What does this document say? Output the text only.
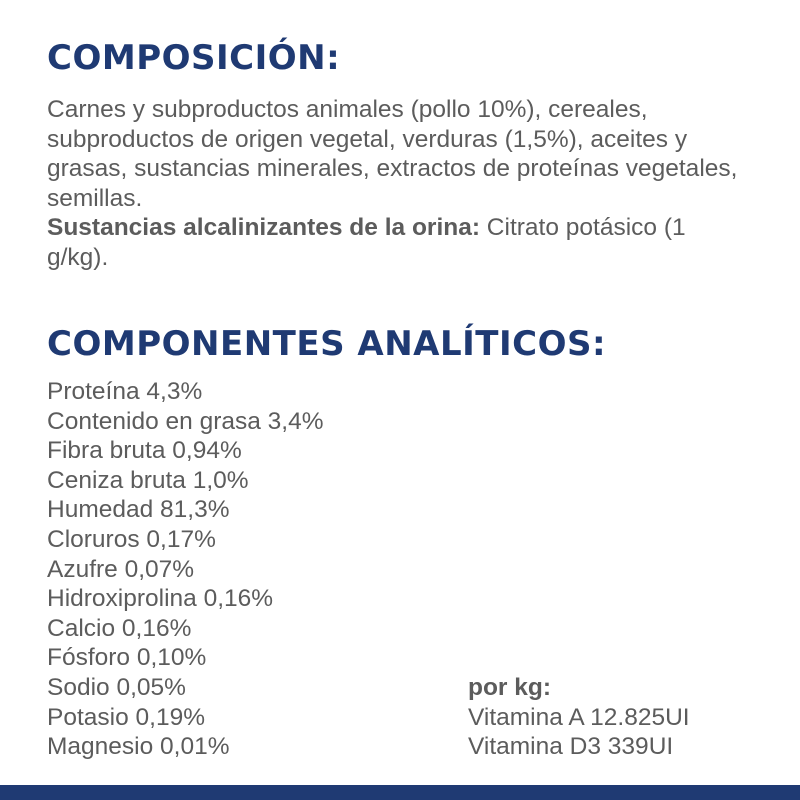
COMPOSICIÓN:

Carnes y subproductos animales (pollo 10%), cereales, subproductos de origen vegetal, verduras (1,5%), aceites y grasas, sustancias minerales, extractos de proteínas vegetales, semillas.
Sustancias alcalinizantes de la orina: Citrato potásico (1 g/kg).

COMPONENTES ANALÍTICOS:
Proteína 4,3%
Contenido en grasa 3,4%
Fibra bruta 0,94%
Ceniza bruta 1,0%
Humedad 81,3%
Cloruros 0,17%
Azufre 0,07%
Hidroxiprolina 0,16%
Calcio 0,16%
Fósforo 0,10%
Sodio 0,05%
Potasio 0,19%
Magnesio 0,01%
por kg:
Vitamina A 12.825UI
Vitamina D3 339UI
